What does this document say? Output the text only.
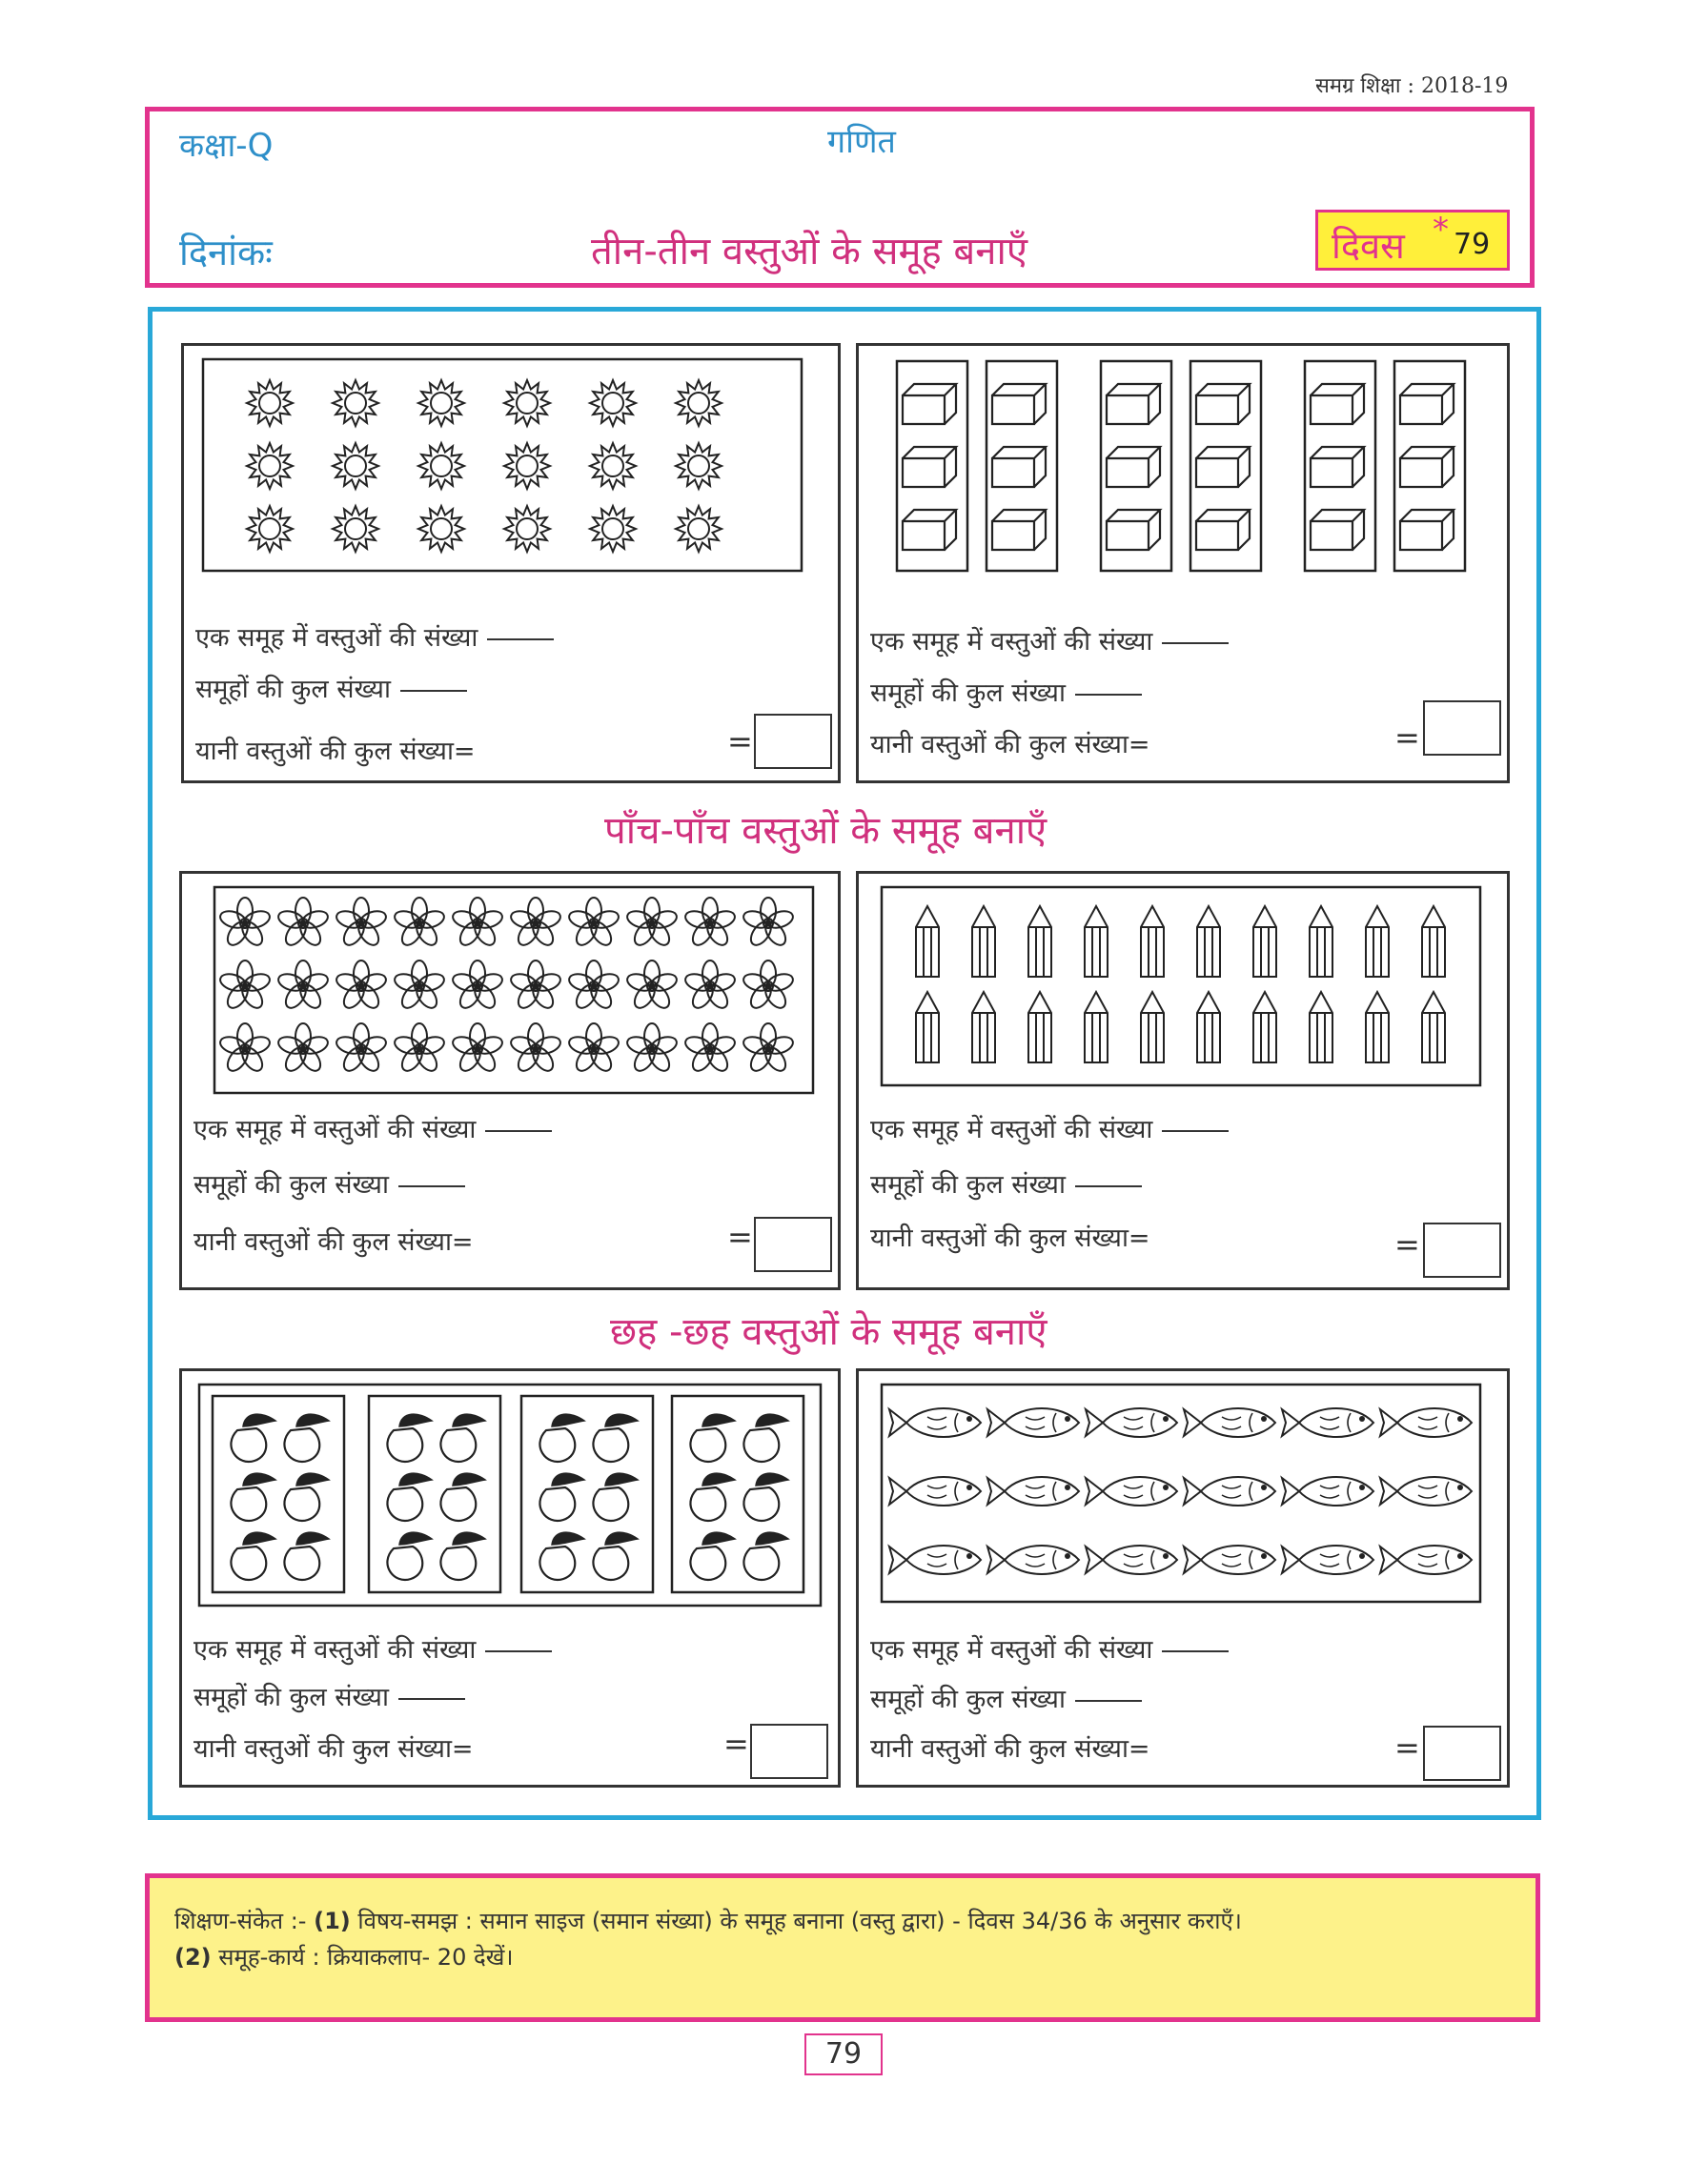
समग्र शिक्षा : 2018-19
कक्षा-Q	गणित
दिनांकः	तीन-तीन वस्तुओं के समूह बनाएँ	दिवस * 79
पाँच-पाँच वस्तुओं के समूह बनाएँ
छह -छह वस्तुओं के समूह बनाएँ
एक समूह में वस्तुओं की संख्या
समूहों की कुल संख्या
यानी वस्तुओं की कुल संख्या=	=
एक समूह में वस्तुओं की संख्या
समूहों की कुल संख्या
यानी वस्तुओं की कुल संख्या=	=
एक समूह में वस्तुओं की संख्या
समूहों की कुल संख्या
यानी वस्तुओं की कुल संख्या=	=
एक समूह में वस्तुओं की संख्या
समूहों की कुल संख्या
यानी वस्तुओं की कुल संख्या=	=
एक समूह में वस्तुओं की संख्या
समूहों की कुल संख्या
यानी वस्तुओं की कुल संख्या=	=
एक समूह में वस्तुओं की संख्या
समूहों की कुल संख्या
यानी वस्तुओं की कुल संख्या=	=
शिक्षण-संकेत :- (1) विषय-समझ : समान साइज (समान संख्या) के समूह बनाना (वस्तु द्वारा) - दिवस 34/36 के अनुसार कराएँ।
(2) समूह-कार्य : क्रियाकलाप- 20 देखें।
79
